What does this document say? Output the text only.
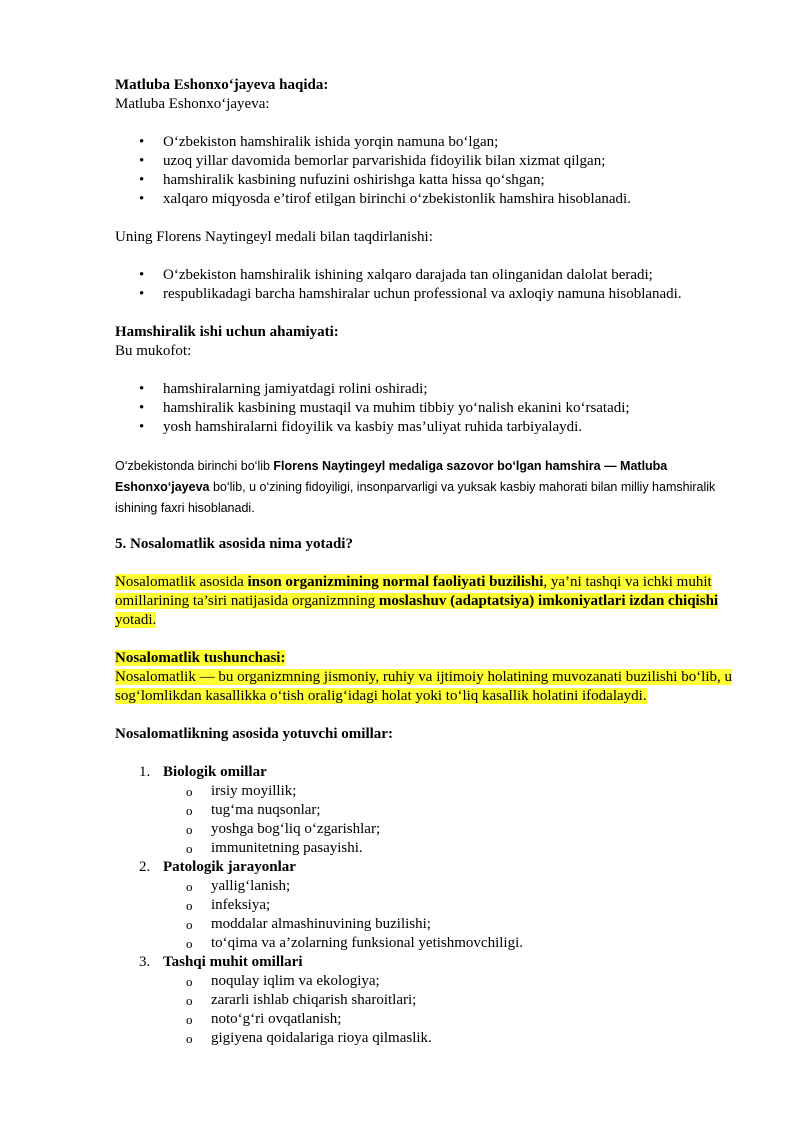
Matluba Eshonxo‘jayeva haqida:

Matluba Eshonxo‘jayeva:

• O‘zbekiston hamshiralik ishida yorqin namuna bo‘lgan;
• uzoq yillar davomida bemorlar parvarishida fidoyilik bilan xizmat qilgan;
• hamshiralik kasbining nufuzini oshirishga katta hissa qo‘shgan;
• xalqaro miqyosda e’tirof etilgan birinchi o‘zbekistonlik hamshira hisoblanadi.

Uning Florens Naytingeyl medali bilan taqdirlanishi:

• O‘zbekiston hamshiralik ishining xalqaro darajada tan olinganidan dalolat beradi;
• respublikadagi barcha hamshiralar uchun professional va axloqiy namuna hisoblanadi.

Hamshiralik ishi uchun ahamiyati:

Bu mukofot:

• hamshiralarning jamiyatdagi rolini oshiradi;
• hamshiralik kasbining mustaqil va muhim tibbiy yo‘nalish ekanini ko‘rsatadi;
• yosh hamshiralarni fidoyilik va kasbiy mas’uliyat ruhida tarbiyalaydi.

O‘zbekistonda birinchi bo‘lib Florens Naytingeyl medaliga sazovor bo‘lgan hamshira — Matluba Eshonxo‘jayeva bo‘lib, u o‘zining fidoyiligi, insonparvarligi va yuksak kasbiy mahorati bilan milliy hamshiralik ishining faxri hisoblanadi.

5. Nosalomatlik asosida nima yotadi?

Nosalomatlik asosida inson organizmining normal faoliyati buzilishi, ya’ni tashqi va ichki muhit omillarining ta’siri natijasida organizmning moslashuv (adaptatsiya) imkoniyatlari izdan chiqishi yotadi.

Nosalomatlik tushunchasi:

Nosalomatlik — bu organizmning jismoniy, ruhiy va ijtimoiy holatining muvozanati buzilishi bo‘lib, u sog‘lomlikdan kasallikka o‘tish oralig‘idagi holat yoki to‘liq kasallik holatini ifodalaydi.

Nosalomatlikning asosida yotuvchi omillar:

1. Biologik omillar
o irsiy moyillik;
o tug‘ma nuqsonlar;
o yoshga bog‘liq o‘zgarishlar;
o immunitetning pasayishi.
2. Patologik jarayonlar
o yallig‘lanish;
o infeksiya;
o moddalar almashinuvining buzilishi;
o to‘qima va a’zolarning funksional yetishmovchiligi.
3. Tashqi muhit omillari
o noqulay iqlim va ekologiya;
o zararli ishlab chiqarish sharoitlari;
o noto‘g‘ri ovqatlanish;
o gigiyena qoidalariga rioya qilmaslik.
